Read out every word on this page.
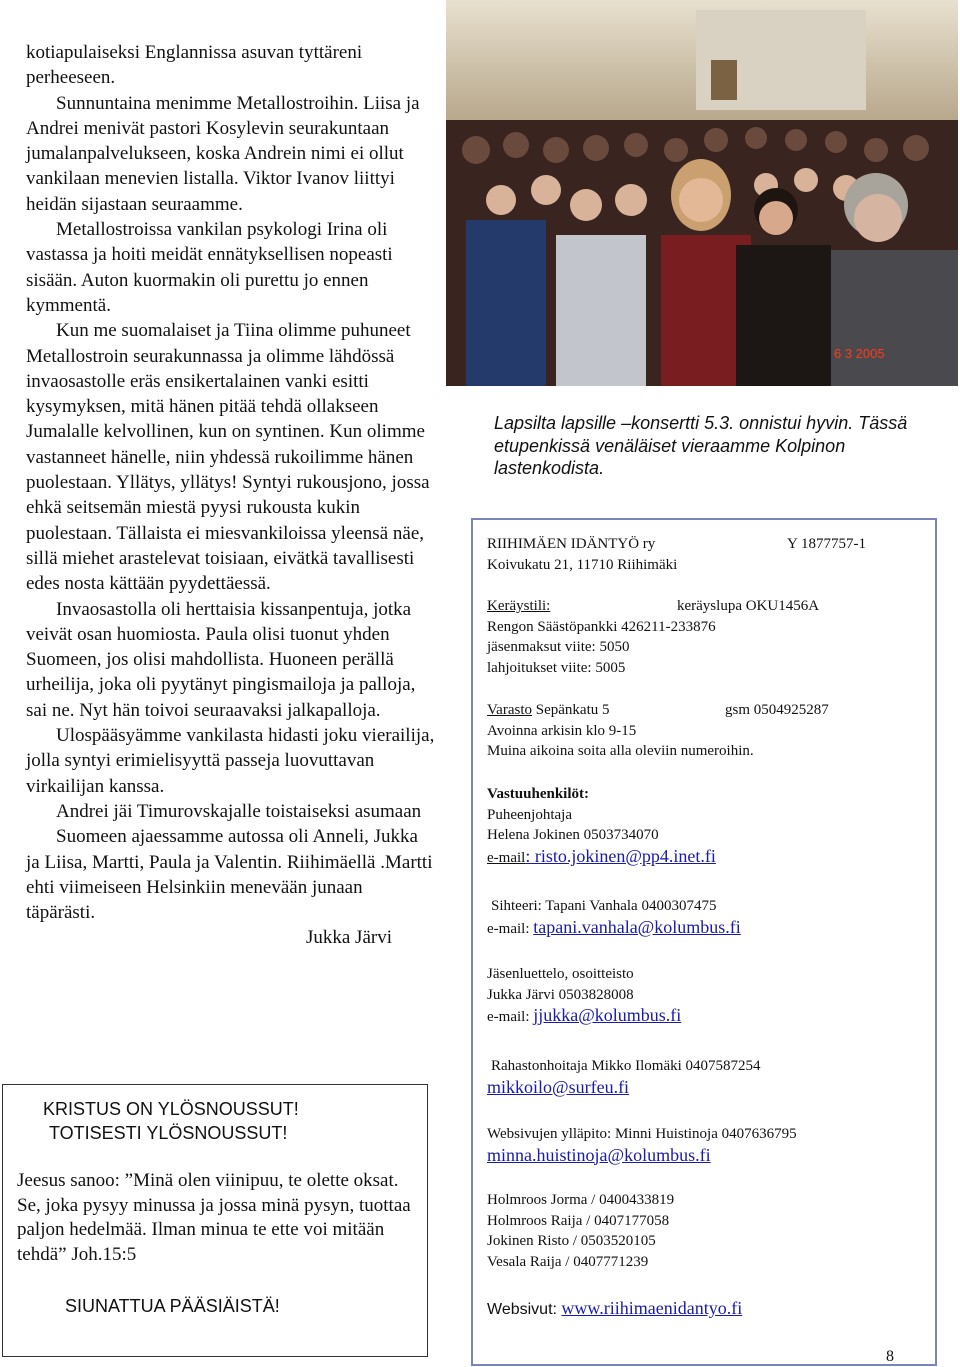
kotiapulaiseksi Englannissa asuvan tyttäreni perheeseen.

Sunnuntaina menimme Metallostroihin. Liisa ja Andrei menivät pastori Kosylevin seurakuntaan jumalanpalvelukseen, koska Andrein nimi ei ollut vankilaan menevien listalla. Viktor Ivanov liittyi heidän sijastaan seuraamme.

Metallostroissa vankilan psykologi Irina oli vastassa ja hoiti meidät ennätyksellisen nopeasti sisään. Auton kuormakin oli purettu jo ennen kymmentä.

Kun me suomalaiset ja Tiina olimme puhuneet Metallostroin seurakunnassa ja olimme lähdössä invaosastolle eräs ensikertalainen vanki esitti kysymyksen, mitä hänen pitää tehdä ollakseen Jumalalle kelvollinen, kun on syntinen. Kun olimme vastanneet hänelle, niin yhdessä rukoilimme hänen puolestaan. Yllätys, yllätys! Syntyi rukousjono, jossa ehkä seitsemän miestä pyysi rukousta kukin puolestaan. Tällaista ei miesvankiloissa yleensä näe, sillä miehet arastelevat toisiaan, eivätkä tavallisesti edes nosta kättään pyydettäessä.

Invaosastolla oli herttaisia kissanpentuja, jotka veivät osan huomiosta. Paula olisi tuonut yhden Suomeen, jos olisi mahdollista. Huoneen perällä urheilija, joka oli pyytänyt pingismailoja ja palloja, sai ne. Nyt hän toivoi seuraavaksi jalkapalloja.

Ulospääsyämme vankilasta hidasti joku vierailija, jolla syntyi erimielisyyttä passeja luovuttavan virkailijan kanssa.

Andrei jäi Timurovskajalle toistaiseksi asumaan

Suomeen ajaessamme autossa oli Anneli, Jukka ja Liisa, Martti, Paula ja Valentin. Riihimäellä .Martti ehti viimeiseen Helsinkiin menevään junaan täpärästi.

Jukka Järvi

KRISTUS ON YLÖSNOUSSUT!
TOTISESTI YLÖSNOUSSUT!
Jeesus sanoo: ”Minä olen viinipuu, te olette oksat. Se, joka pysyy minussa ja jossa minä pysyn, tuottaa paljon hedelmää. Ilman minua te ette voi mitään tehdä” Joh.15:5
SIUNATTUA PÄÄSIÄISTÄ!
6 3 2005
Lapsilta lapsille –konsertti 5.3. onnistui hyvin. Tässä etupenkissä venäläiset vieraamme Kolpinon lastenkodista.
RIIHIMÄEN IDÄNTYÖ ry	Y 1877757-1
Koivukatu 21, 11710 Riihimäki
Keräystili:	keräyslupa OKU1456A
Rengon Säästöpankki 426211-233876
jäsenmaksut viite: 5050
lahjoitukset viite: 5005
Varasto Sepänkatu 5	gsm 0504925287
Avoinna arkisin klo 9-15
Muina aikoina soita alla oleviin numeroihin.
Vastuuhenkilöt:
Puheenjohtaja
Helena Jokinen 0503734070
e-mail: risto.jokinen@pp4.inet.fi
Sihteeri: Tapani Vanhala 0400307475
e-mail: tapani.vanhala@kolumbus.fi
Jäsenluettelo, osoitteisto
Jukka Järvi 0503828008
e-mail: jjukka@kolumbus.fi
Rahastonhoitaja Mikko Ilomäki 0407587254
mikkoilo@surfeu.fi
Websivujen ylläpito: Minni Huistinoja 0407636795
minna.huistinoja@kolumbus.fi
Holmroos Jorma / 0400433819
Holmroos Raija / 0407177058
Jokinen Risto / 0503520105
Vesala Raija / 0407771239
Websivut: www.riihimaenidantyo.fi
8
